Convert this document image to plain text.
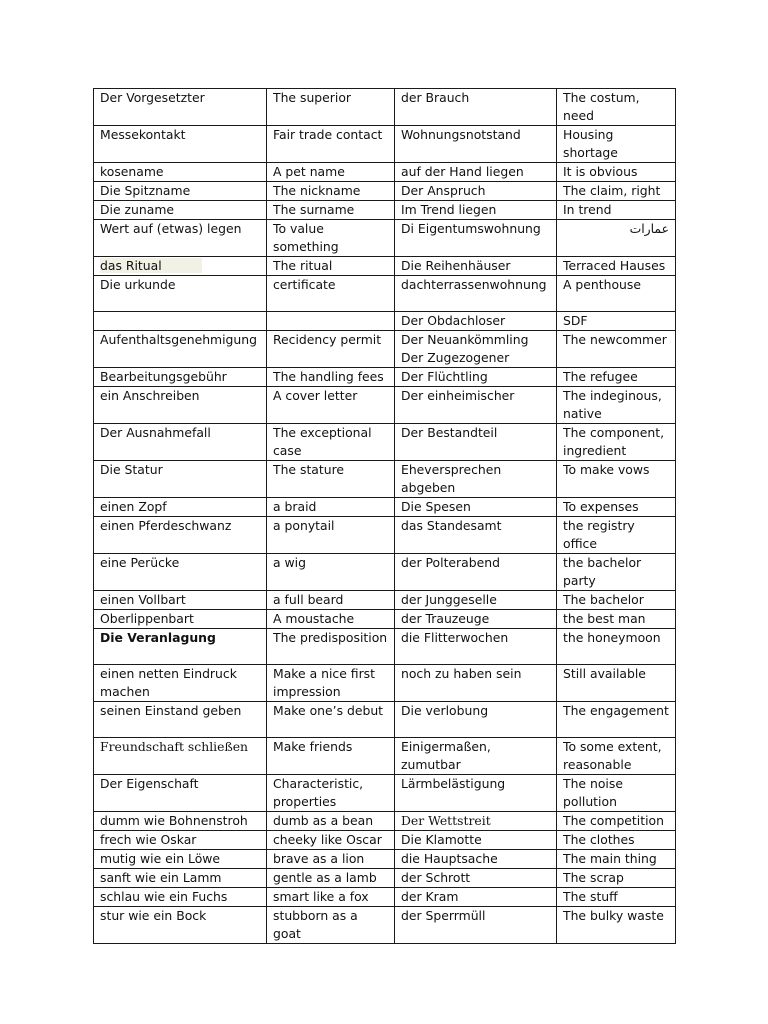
Der Vorgesetzter	The superior	der Brauch	The costum, need
Messekontakt	Fair trade contact	Wohnungsnotstand	Housing shortage
kosename	A pet name	auf der Hand liegen	It is obvious
Die Spitzname	The nickname	Der Anspruch	The claim, right
Die zuname	The surname	Im Trend liegen	In trend
Wert auf (etwas) legen	To value something	Di Eigentumswohnung	عمارات
das Ritual	The ritual	Die Reihenhäuser	Terraced Hauses
Die urkunde	certificate	dachterrassenwohnung	A penthouse
		Der Obdachloser	SDF
Aufenthaltsgenehmigung	Recidency permit	Der Neuankömmling Der Zugezogener	The newcommer
Bearbeitungsgebühr	The handling fees	Der Flüchtling	The refugee
ein Anschreiben	A cover letter	Der einheimischer	The indeginous, native
Der Ausnahmefall	The exceptional case	Der Bestandteil	The component, ingredient
Die Statur	The stature	Eheversprechen abgeben	To make vows
einen Zopf	a braid	Die Spesen	To expenses
einen Pferdeschwanz	a ponytail	das Standesamt	the registry office
eine Perücke	a wig	der Polterabend	the bachelor party
einen Vollbart	a full beard	der Junggeselle	The bachelor
Oberlippenbart	A moustache	der Trauzeuge	the best man
Die Veranlagung	The predisposition	die Flitterwochen	the honeymoon
einen netten Eindruck machen	Make a nice first impression	noch zu haben sein	Still available
seinen Einstand geben	Make one’s debut	Die verlobung	The engagement
Freundschaft schließen	Make friends	Einigermaßen, zumutbar	To some extent, reasonable
Der Eigenschaft	Characteristic, properties	Lärmbelästigung	The noise pollution
dumm wie Bohnenstroh	dumb as a bean	Der Wettstreit	The competition
frech wie Oskar	cheeky like Oscar	Die Klamotte	The clothes
mutig wie ein Löwe	brave as a lion	die Hauptsache	The main thing
sanft wie ein Lamm	gentle as a lamb	der Schrott	The scrap
schlau wie ein Fuchs	smart like a fox	der Kram	The stuff
stur wie ein Bock	stubborn as a goat	der Sperrmüll	The bulky waste
